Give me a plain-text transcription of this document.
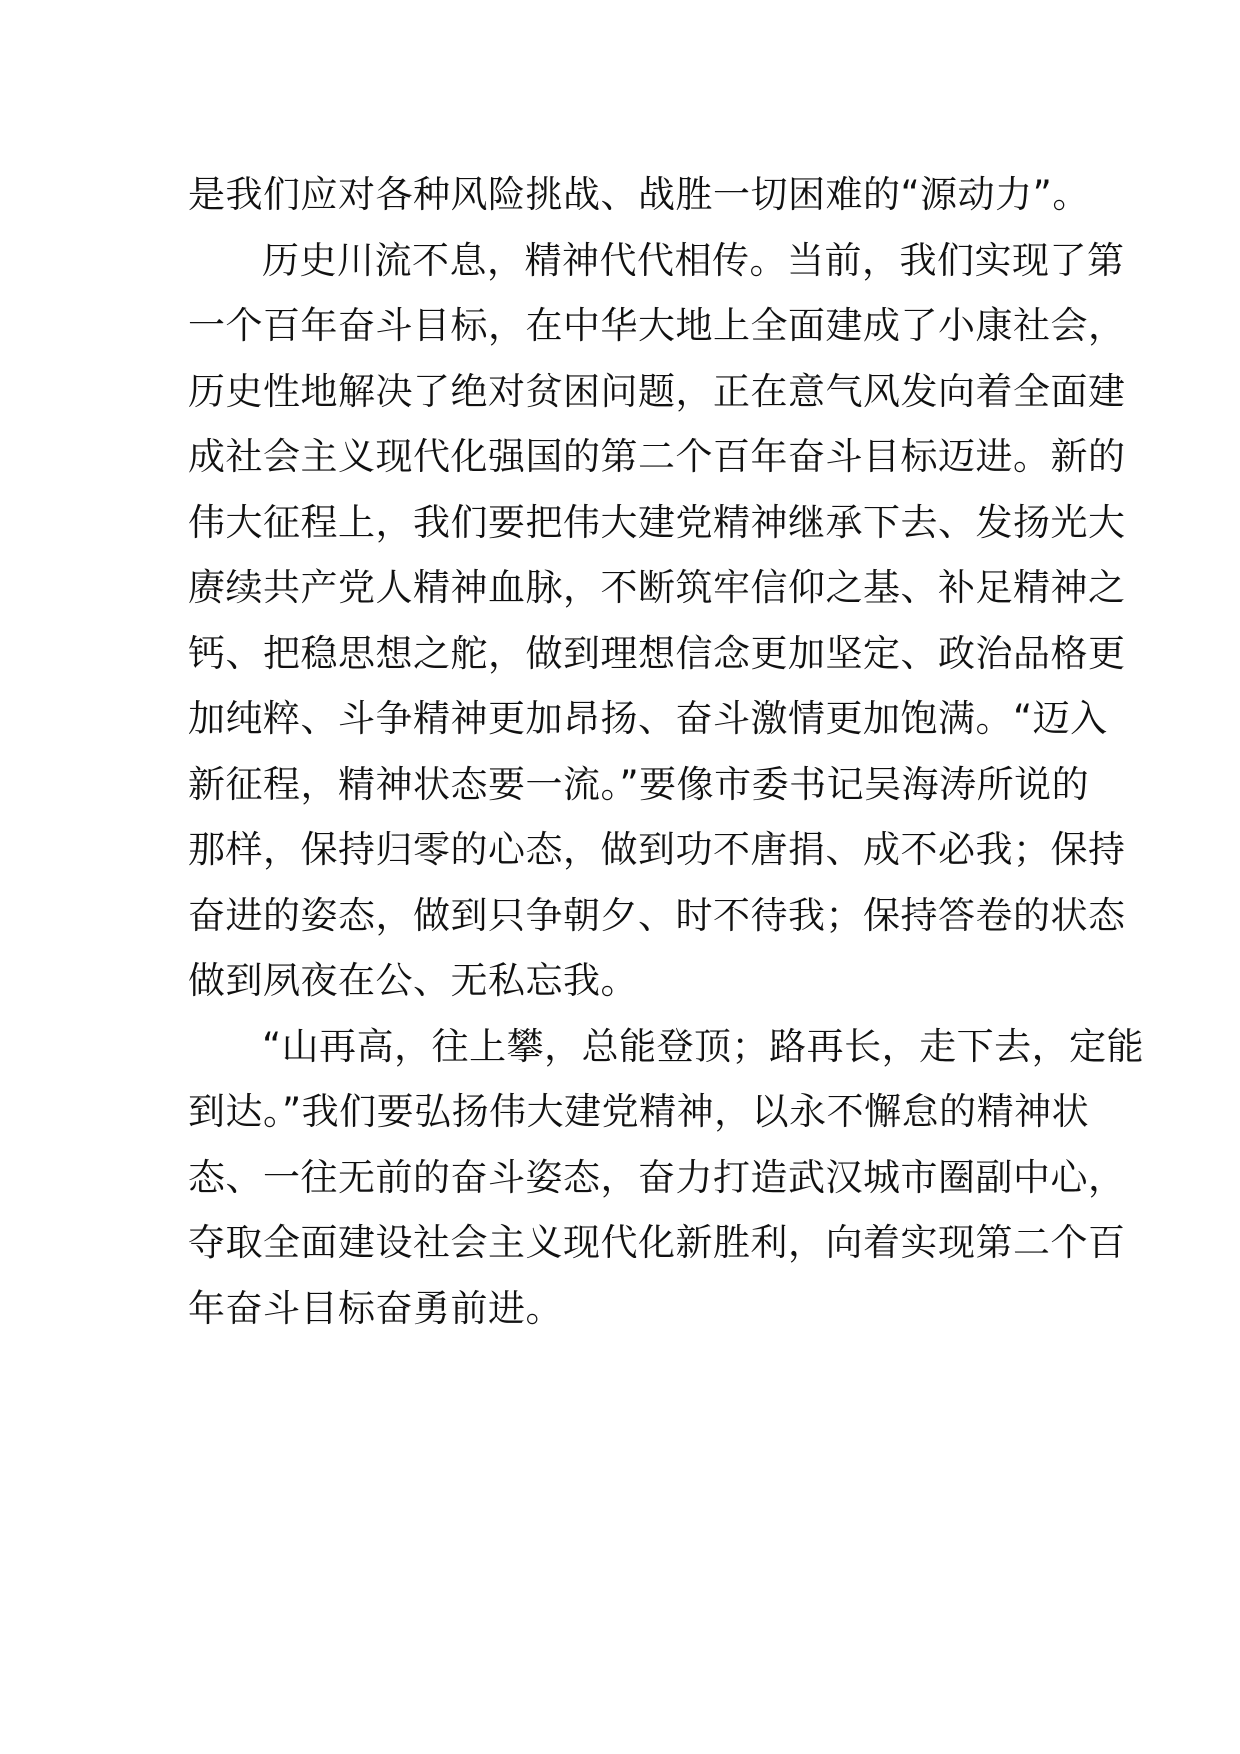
是我们应对各种风险挑战、战胜一切困难的“源动力”。
历史川流不息，精神代代相传。当前，我们实现了第
一个百年奋斗目标，在中华大地上全面建成了小康社会，
历史性地解决了绝对贫困问题，正在意气风发向着全面建
成社会主义现代化强国的第二个百年奋斗目标迈进。新的
伟大征程上，我们要把伟大建党精神继承下去、发扬光大
赓续共产党人精神血脉，不断筑牢信仰之基、补足精神之
钙、把稳思想之舵，做到理想信念更加坚定、政治品格更
加纯粹、斗争精神更加昂扬、奋斗激情更加饱满。“迈入
新征程，精神状态要一流。”要像市委书记吴海涛所说的
那样，保持归零的心态，做到功不唐捐、成不必我；保持
奋进的姿态，做到只争朝夕、时不待我；保持答卷的状态
做到夙夜在公、无私忘我。
“山再高，往上攀，总能登顶；路再长，走下去，定能
到达。”我们要弘扬伟大建党精神，以永不懈怠的精神状
态、一往无前的奋斗姿态，奋力打造武汉城市圈副中心，
夺取全面建设社会主义现代化新胜利，向着实现第二个百
年奋斗目标奋勇前进。
